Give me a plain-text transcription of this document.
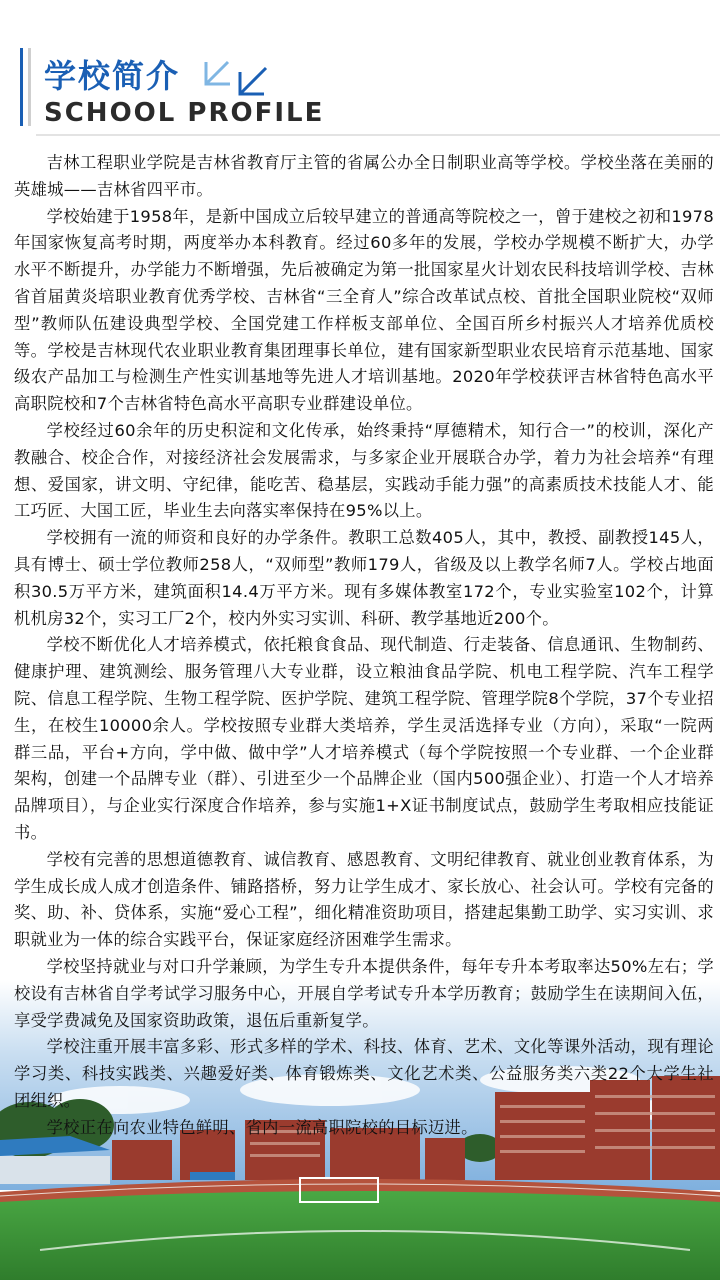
学校简介
SCHOOL PROFILE

吉林工程职业学院是吉林省教育厅主管的省属公办全日制职业高等学校。学校坐落在美丽的英雄城——吉林省四平市。

学校始建于1958年，是新中国成立后较早建立的普通高等院校之一，曾于建校之初和1978年国家恢复高考时期，两度举办本科教育。经过60多年的发展，学校办学规模不断扩大，办学水平不断提升，办学能力不断增强，先后被确定为第一批国家星火计划农民科技培训学校、吉林省首届黄炎培职业教育优秀学校、吉林省“三全育人”综合改革试点校、首批全国职业院校“双师型”教师队伍建设典型学校、全国党建工作样板支部单位、全国百所乡村振兴人才培养优质校等。学校是吉林现代农业职业教育集团理事长单位，建有国家新型职业农民培育示范基地、国家级农产品加工与检测生产性实训基地等先进人才培训基地。2020年学校获评吉林省特色高水平高职院校和7个吉林省特色高水平高职专业群建设单位。

学校经过60余年的历史积淀和文化传承，始终秉持“厚德精术，知行合一”的校训，深化产教融合、校企合作，对接经济社会发展需求，与多家企业开展联合办学，着力为社会培养“有理想、爱国家，讲文明、守纪律，能吃苦、稳基层，实践动手能力强”的高素质技术技能人才、能工巧匠、大国工匠，毕业生去向落实率保持在95%以上。

学校拥有一流的师资和良好的办学条件。教职工总数405人，其中，教授、副教授145人，具有博士、硕士学位教师258人，“双师型”教师179人，省级及以上教学名师7人。学校占地面积30.5万平方米，建筑面积14.4万平方米。现有多媒体教室172个，专业实验室102个，计算机机房32个，实习工厂2个，校内外实习实训、科研、教学基地近200个。

学校不断优化人才培养模式，依托粮食食品、现代制造、行走装备、信息通讯、生物制药、健康护理、建筑测绘、服务管理八大专业群，设立粮油食品学院、机电工程学院、汽车工程学院、信息工程学院、生物工程学院、医护学院、建筑工程学院、管理学院8个学院，37个专业招生，在校生10000余人。学校按照专业群大类培养，学生灵活选择专业（方向），采取“一院两群三品，平台+方向，学中做、做中学”人才培养模式（每个学院按照一个专业群、一个企业群架构，创建一个品牌专业（群）、引进至少一个品牌企业（国内500强企业）、打造一个人才培养品牌项目），与企业实行深度合作培养，参与实施1+X证书制度试点，鼓励学生考取相应技能证书。

学校有完善的思想道德教育、诚信教育、感恩教育、文明纪律教育、就业创业教育体系，为学生成长成人成才创造条件、铺路搭桥，努力让学生成才、家长放心、社会认可。学校有完备的奖、助、补、贷体系，实施“爱心工程”，细化精准资助项目，搭建起集勤工助学、实习实训、求职就业为一体的综合实践平台，保证家庭经济困难学生需求。

学校坚持就业与对口升学兼顾，为学生专升本提供条件，每年专升本考取率达50%左右；学校设有吉林省自学考试学习服务中心，开展自学考试专升本学历教育；鼓励学生在读期间入伍，享受学费减免及国家资助政策，退伍后重新复学。

学校注重开展丰富多彩、形式多样的学术、科技、体育、艺术、文化等课外活动，现有理论学习类、科技实践类、兴趣爱好类、体育锻炼类、文化艺术类、公益服务类六类22个大学生社团组织。

学校正在向农业特色鲜明、省内一流高职院校的目标迈进。
